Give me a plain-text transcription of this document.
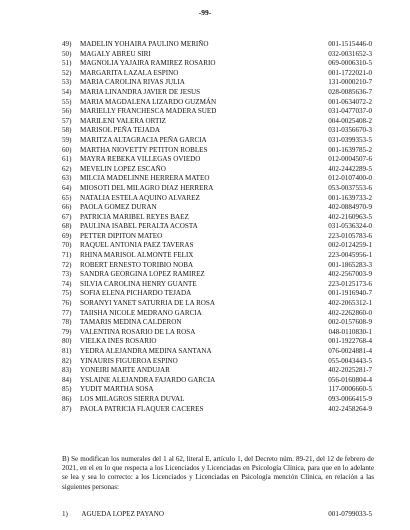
-99-
49)	MADELIN YOHAIRA PAULINO MERIÑO	001-1515446-0
50)	MAGALY ABREU SIRI	032-0031652-3
51)	MAGNOLIA YAJAIRA RAMIREZ ROSARIO	069-0006310-5
52)	MARGARITA LAZALA ESPINO	001-1722021-0
53)	MARIA CAROLINA RIVAS JULIA	131-0000210-7
54)	MARIA LINANDRA JAVIER DE JESUS	028-0085636-7
55)	MARIA MAGDALENA LIZARDO GUZMÁN	001-0634072-2
56)	MARIELLY FRANCHESCA MADERA SUED	031-0477037-0
57)	MARILENI VALERA ORTIZ	004-0025408-2
58)	MARISOL PEÑA TEJADA	031-0356670-3
59)	MARITZA ALTAGRACIA PEÑA GARCIA	031-0399353-5
60)	MARTHA NIOVETTY PETITON ROBLES	001-1639785-2
61)	MAYRA REBEKA VILLEGAS OVIEDO	012-0004507-6
62)	MEVELIN LOPEZ ESCAÑO	402-2442289-5
63)	MILCIA MADELINNE HERRERA MATEO	012-0107400-0
64)	MIOSOTI DEL MILAGRO DIAZ HERRERA	053-0037553-6
65)	NATALIA ESTELA AQUINO ALVAREZ	001-1639733-2
66)	PAOLA GOMEZ DURAN	402-0884970-9
67)	PATRICIA MARIBEL REYES BAEZ	402-2160963-5
68)	PAULINA ISABEL PERALTA ACOSTA	031-0536324-0
69)	PETTER DIPITON MATEO	223-0105783-6
70)	RAQUEL ANTONIA PAEZ TAVERAS	002-0124259-1
71)	RHINA MARISOL ALMONTE FELIX	223-0045956-1
72)	ROBERT ERNESTO TORIBIO NOBA	001-1865283-3
73)	SANDRA GEORGINA LOPEZ RAMIREZ	402-2567003-9
74)	SILVIA CAROLINA HENRY GUANTE	223-0125173-6
75)	SOFIA ELENA PICHARDO TEJADA	001-1916940-7
76)	SORANYI YANET SATURRIA DE LA ROSA	402-2065312-1
77)	TAIISHA NICOLE MEDRANO GARCIA	402-2262860-0
78)	TAMARIS MEDINA CALDERON	002-0157608-9
79)	VALENTINA ROSARIO DE LA ROSA	048-0110830-1
80)	VIELKA INES ROSARIO	001-1922768-4
81)	YEDRA ALEJANDRA MEDINA SANTANA	076-0024881-4
82)	YINAURIS FIGUEROA ESPINO	055-0043443-5
83)	YONEIRI MARTE ANDUJAR	402-2025281-7
84)	YSLAINE ALEJANDRA FAJARDO GARCIA	056-0160804-4
85)	YUDIT MARTHA SOSA	117-0006660-5
86)	LOS MILAGROS SIERRA DUVAL	093-0066415-9
87)	PAOLA PATRICIA FLAQUER CACERES	402-2458264-9
B) Se modifican los numerales del 1 al 62, literal E, artículo 1, del Decreto núm. 89-21, del 12 de febrero de 2021, en el en lo que respecta a los Licenciados y Licenciadas en Psicología Clínica, para que en lo adelante se lea y sea lo correcto: a los Licenciados y Licenciadas en Psicología mención Clínica, en relación a las siguientes personas:
1) AGUEDA LOPEZ PAYANO	001-0799033-5
